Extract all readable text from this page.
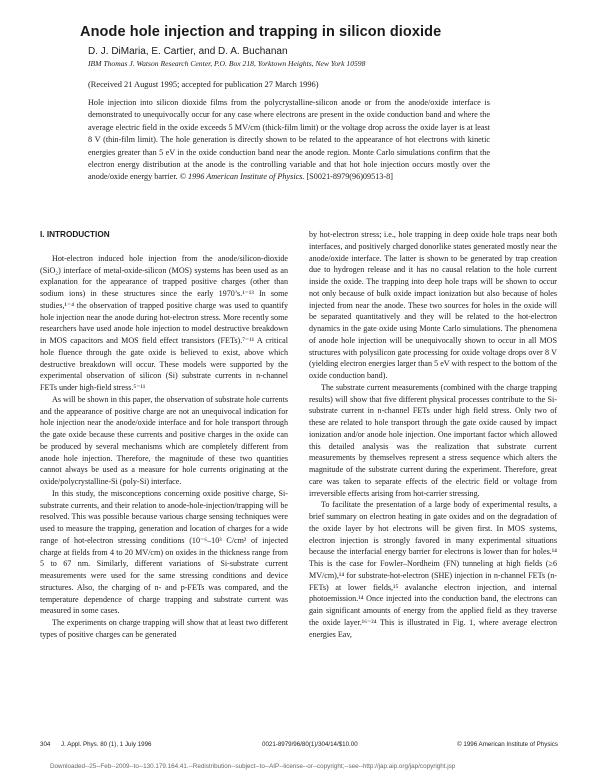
Anode hole injection and trapping in silicon dioxide
D. J. DiMaria, E. Cartier, and D. A. Buchanan
IBM Thomas J. Watson Research Center, P.O. Box 218, Yorktown Heights, New York 10598
(Received 21 August 1995; accepted for publication 27 March 1996)
Hole injection into silicon dioxide films from the polycrystalline-silicon anode or from the anode/oxide interface is demonstrated to unequivocally occur for any case where electrons are present in the oxide conduction band and where the average electric field in the oxide exceeds 5 MV/cm (thick-film limit) or the voltage drop across the oxide layer is at least 8 V (thin-film limit). The hole generation is directly shown to be related to the appearance of hot electrons with kinetic energies greater than 5 eV in the oxide conduction band near the anode region. Monte Carlo simulations confirm that the electron energy distribution at the anode is the controlling variable and that hot hole injection occurs mostly over the anode/oxide energy barrier. © 1996 American Institute of Physics. [S0021-8979(96)09513-8]
I. INTRODUCTION

Hot-electron induced hole injection from the anode/silicon-dioxide (SiO₂) interface of metal-oxide-silicon (MOS) systems has been used as an explanation for the appearance of trapped positive charges (other than sodium ions) in these structures since the early 1970’s.¹⁻¹³ In some studies,¹⁻⁴ the observation of trapped positive charge was used to quantify hole injection near the anode during hot-electron stress. More recently some researchers have used anode hole injection to model destructive breakdown in MOS capacitors and MOS field effect transistors (FETs).⁷⁻¹¹ A critical hole fluence through the gate oxide is believed to exist, above which destructive breakdown will occur. These models were supported by the experimental observation of silicon (Si) substrate currents in n-channel FETs under high-field stress.⁵⁻¹¹

As will be shown in this paper, the observation of substrate hole currents and the appearance of positive charge are not an unequivocal indication for hole injection near the anode/oxide interface and for hole transport through the gate oxide because these currents and positive charges in the oxide can be produced by several mechanisms which are completely different from anode hole injection. Therefore, the magnitude of these two quantities cannot always be used as a measure for hole currents originating at the oxide/polycrystalline-Si (poly-Si) interface.

In this study, the misconceptions concerning oxide positive charge, Si-substrate currents, and their relation to anode-hole-injection/trapping will be resolved. This was possible because various charge sensing techniques were used to measure the trapping, generation and location of charges for a wide range of hot-electron stressing conditions (10⁻⁶–10³ C/cm² of injected charge at fields from 4 to 20 MV/cm) on oxides in the thickness range from 5 to 67 nm. Similarly, different variations of Si-substrate current measurements were used for the same stressing conditions and device structures. Also, the charging of n- and p-FETs was compared, and the temperature dependence of charge trapping and substrate current was measured in some cases.

The experiments on charge trapping will show that at least two different types of positive charges can be generated

by hot-electron stress; i.e., hole trapping in deep oxide hole traps near both interfaces, and positively charged donorlike states generated mostly near the anode/oxide interface. The latter is shown to be generated by trap creation due to hydrogen release and it has no causal relation to the hole current inside the oxide. The trapping into deep hole traps will be shown to occur not only because of bulk oxide impact ionization but also because of holes injected from near the anode. These two sources for holes in the oxide will be separated quantitatively and they will be related to the hot-electron dynamics in the gate oxide using Monte Carlo simulations. The phenomena of anode hole injection will be unequivocally shown to occur in all MOS structures with polysilicon gate processing for oxide voltage drops over 8 V (yielding electron energies larger than 5 eV with respect to the bottom of the oxide conduction band).

The substrate current measurements (combined with the charge trapping results) will show that five different physical processes contribute to the Si-substrate current in n-channel FETs under high field stress. Only two of these are related to hole transport through the gate oxide caused by impact ionization and/or anode hole injection. One important factor which allowed this detailed analysis was the realization that substrate current measurements by themselves represent a stress sequence which alters the magnitude of the substrate current during the experiment. Therefore, great care was taken to separate effects of the electric field or voltage from irreversible effects arising from hot-carrier stressing.

To facilitate the presentation of a large body of experimental results, a brief summary on electron heating in gate oxides and on the degradation of the oxide layer by hot electrons will be given first. In MOS systems, electron injection is strongly favored in many experimental situations because the interfacial energy barrier for electrons is lower than for holes.¹⁴ This is the case for Fowler–Nordheim (FN) tunneling at high fields (≥6 MV/cm),¹⁴ for substrate-hot-electron (SHE) injection in n-channel FETs (n-FETs) at lower fields,¹⁵ avalanche electron injection, and internal photoemission.¹⁴ Once injected into the conduction band, the electrons can gain significant amounts of energy from the applied field as they traverse the oxide layer.¹⁶⁻²⁴ This is illustrated in Fig. 1, where average electron energies Eav,

304 J. Appl. Phys. 80 (1), 1 July 1996	0021-8979/96/80(1)/304/14/$10.00	© 1996 American Institute of Physics
Downloaded--25--Feb--2009--to--130.179.164.41.--Redistribution--subject--to--AIP--license--or--copyright;--see--http://jap.aip.org/jap/copyright.jsp
